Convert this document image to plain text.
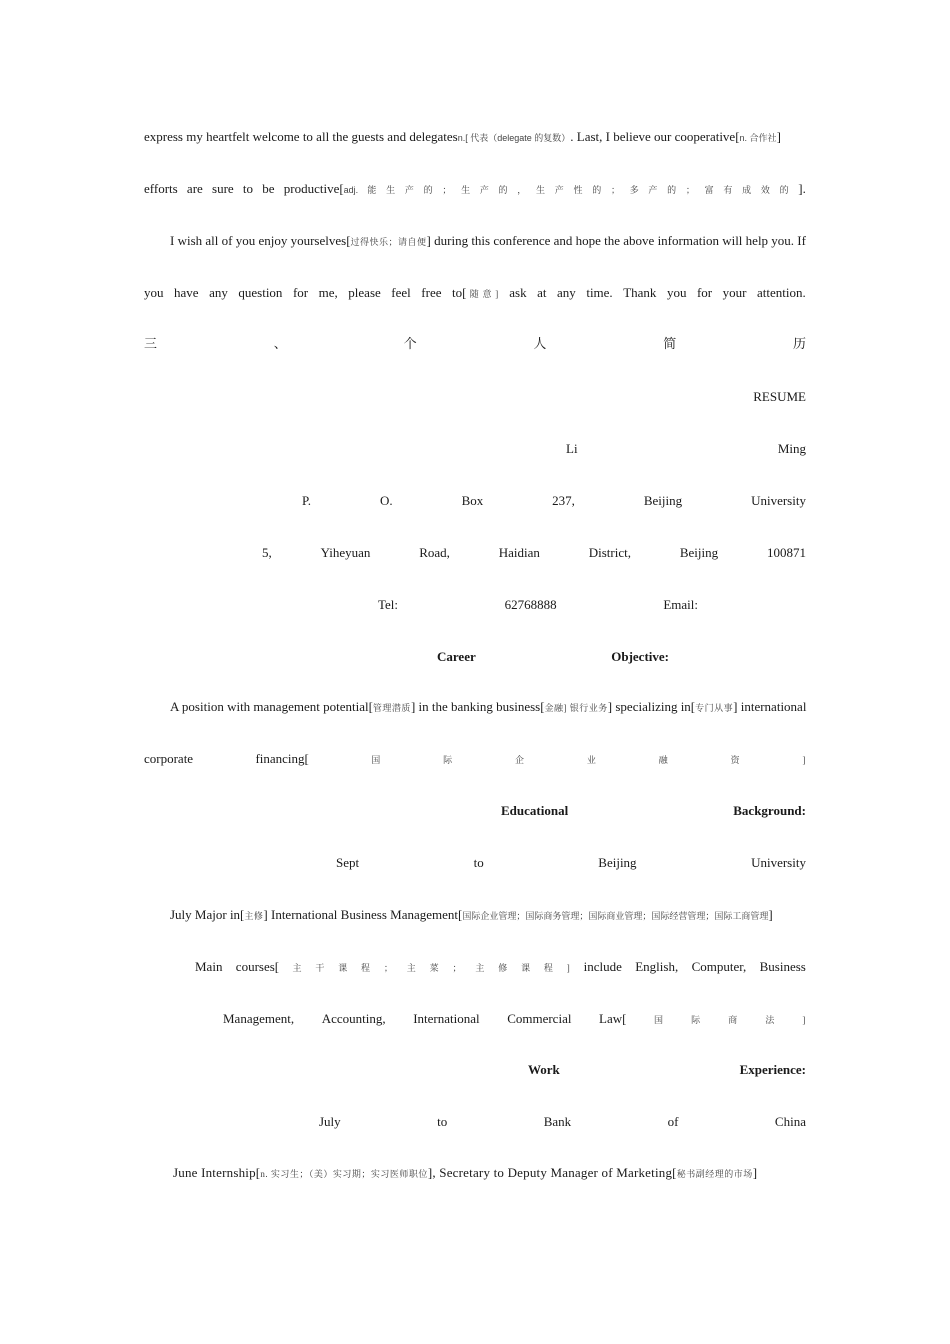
express my heartfelt welcome to all the guests and delegatesn.[ 代表（delegate 的复数）. Last, I believe our cooperative[n. 合作社]
efforts are sure to be productive[adj. 能 生 产 的 ； 生 产 的 ， 生 产 性 的 ； 多 产 的 ； 富 有 成 效 的 ].
I wish all of you enjoy yourselves[过得快乐；请自便] during this conference and hope the above information will help you. If
you have any question for me, please feel free to[ 随 意 ] ask at any time. Thank you for your attention.
三	、	个	人	简	历
RESUME
Li	Ming
P.	O.	Box	237,	Beijing	University
5,	Yiheyuan	Road,	Haidian	District,	Beijing	100871
Tel:	62768888	Email:
Career	Objective:
A position with management potential[管理潜质] in the banking business[金融] 银行业务] specializing in[专门从事] international
corporate	financing[	国	际	企	业	融	资	]
Educational	Background:
Sept	to	Beijing	University
July Major in[主修] International Business Management[国际企业管理；国际商务管理；国际商业管理；国际经营管理；国际工商管理]
Main courses[ 主 干 课 程 ； 主 菜 ； 主 修 课 程 ] include English, Computer, Business
Management, Accounting, International Commercial Law[	国	际	商	法	]
Work	Experience:
July	to	Bank	of	China
June Internship[n. 实习生；（美）实习期；实习医师职位], Secretary to Deputy Manager of Marketing[秘书副经理的市场]
